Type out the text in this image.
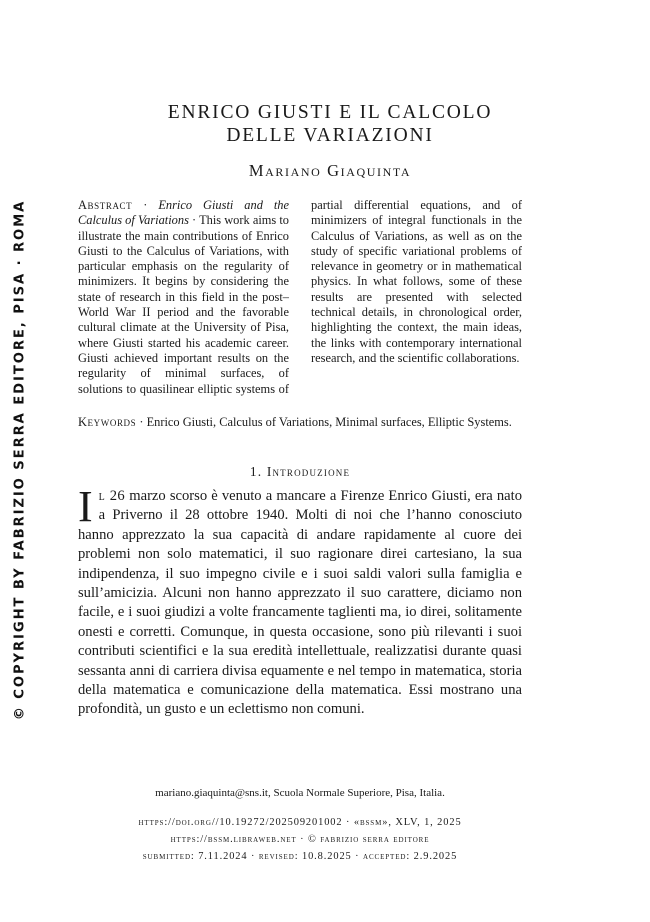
© COPYRIGHT BY FABRIZIO SERRA EDITORE, PISA · ROMA
ENRICO GIUSTI E IL CALCOLO
DELLE VARIAZIONI
Mariano Giaquinta

Abstract · Enrico Giusti and the Calculus of Variations · This work aims to illustrate the main contributions of Enrico Giusti to the Calculus of Variations, with particular emphasis on the regularity of minimizers. It begins by considering the state of research in this field in the post–World War II period and the favorable cultural climate at the University of Pisa, where Giusti started his academic career. Giusti achieved important results on the regularity of minimal surfaces, of solutions to quasilinear elliptic systems of partial differential equations, and of minimizers of integral functionals in the Calculus of Variations, as well as on the study of specific variational problems of relevance in geometry or in mathematical physics. In what follows, some of these results are presented with selected technical details, in chronological order, highlighting the context, the main ideas, the links with contemporary international research, and the scientific collaborations.

Keywords · Enrico Giusti, Calculus of Variations, Minimal surfaces, Elliptic Systems.

1. Introduzione

Il 26 marzo scorso è venuto a mancare a Firenze Enrico Giusti, era nato a Priverno il 28 ottobre 1940. Molti di noi che l’hanno conosciuto hanno apprezzato la sua capacità di andare rapidamente al cuore dei problemi non solo matematici, il suo ragionare direi cartesiano, la sua indipendenza, il suo impegno civile e i suoi saldi valori sulla famiglia e sull’amicizia. Alcuni non hanno apprezzato il suo carattere, diciamo non facile, e i suoi giudizi a volte francamente taglienti ma, io direi, solitamente onesti e corretti. Comunque, in questa occasione, sono più rilevanti i suoi contributi scientifici e la sua eredità intellettuale, realizzatisi durante quasi sessanta anni di carriera divisa equamente e nel tempo in matematica, storia della matematica e comunicazione della matematica. Essi mostrano una profondità, un gusto e un eclettismo non comuni.

mariano.giaquinta@sns.it, Scuola Normale Superiore, Pisa, Italia.
https://doi.org//10.19272/202509201002 · «bssm», XLV, 1, 2025
https://bssm.libraweb.net · © fabrizio serra editore
submitted: 7.11.2024 · revised: 10.8.2025 · accepted: 2.9.2025
